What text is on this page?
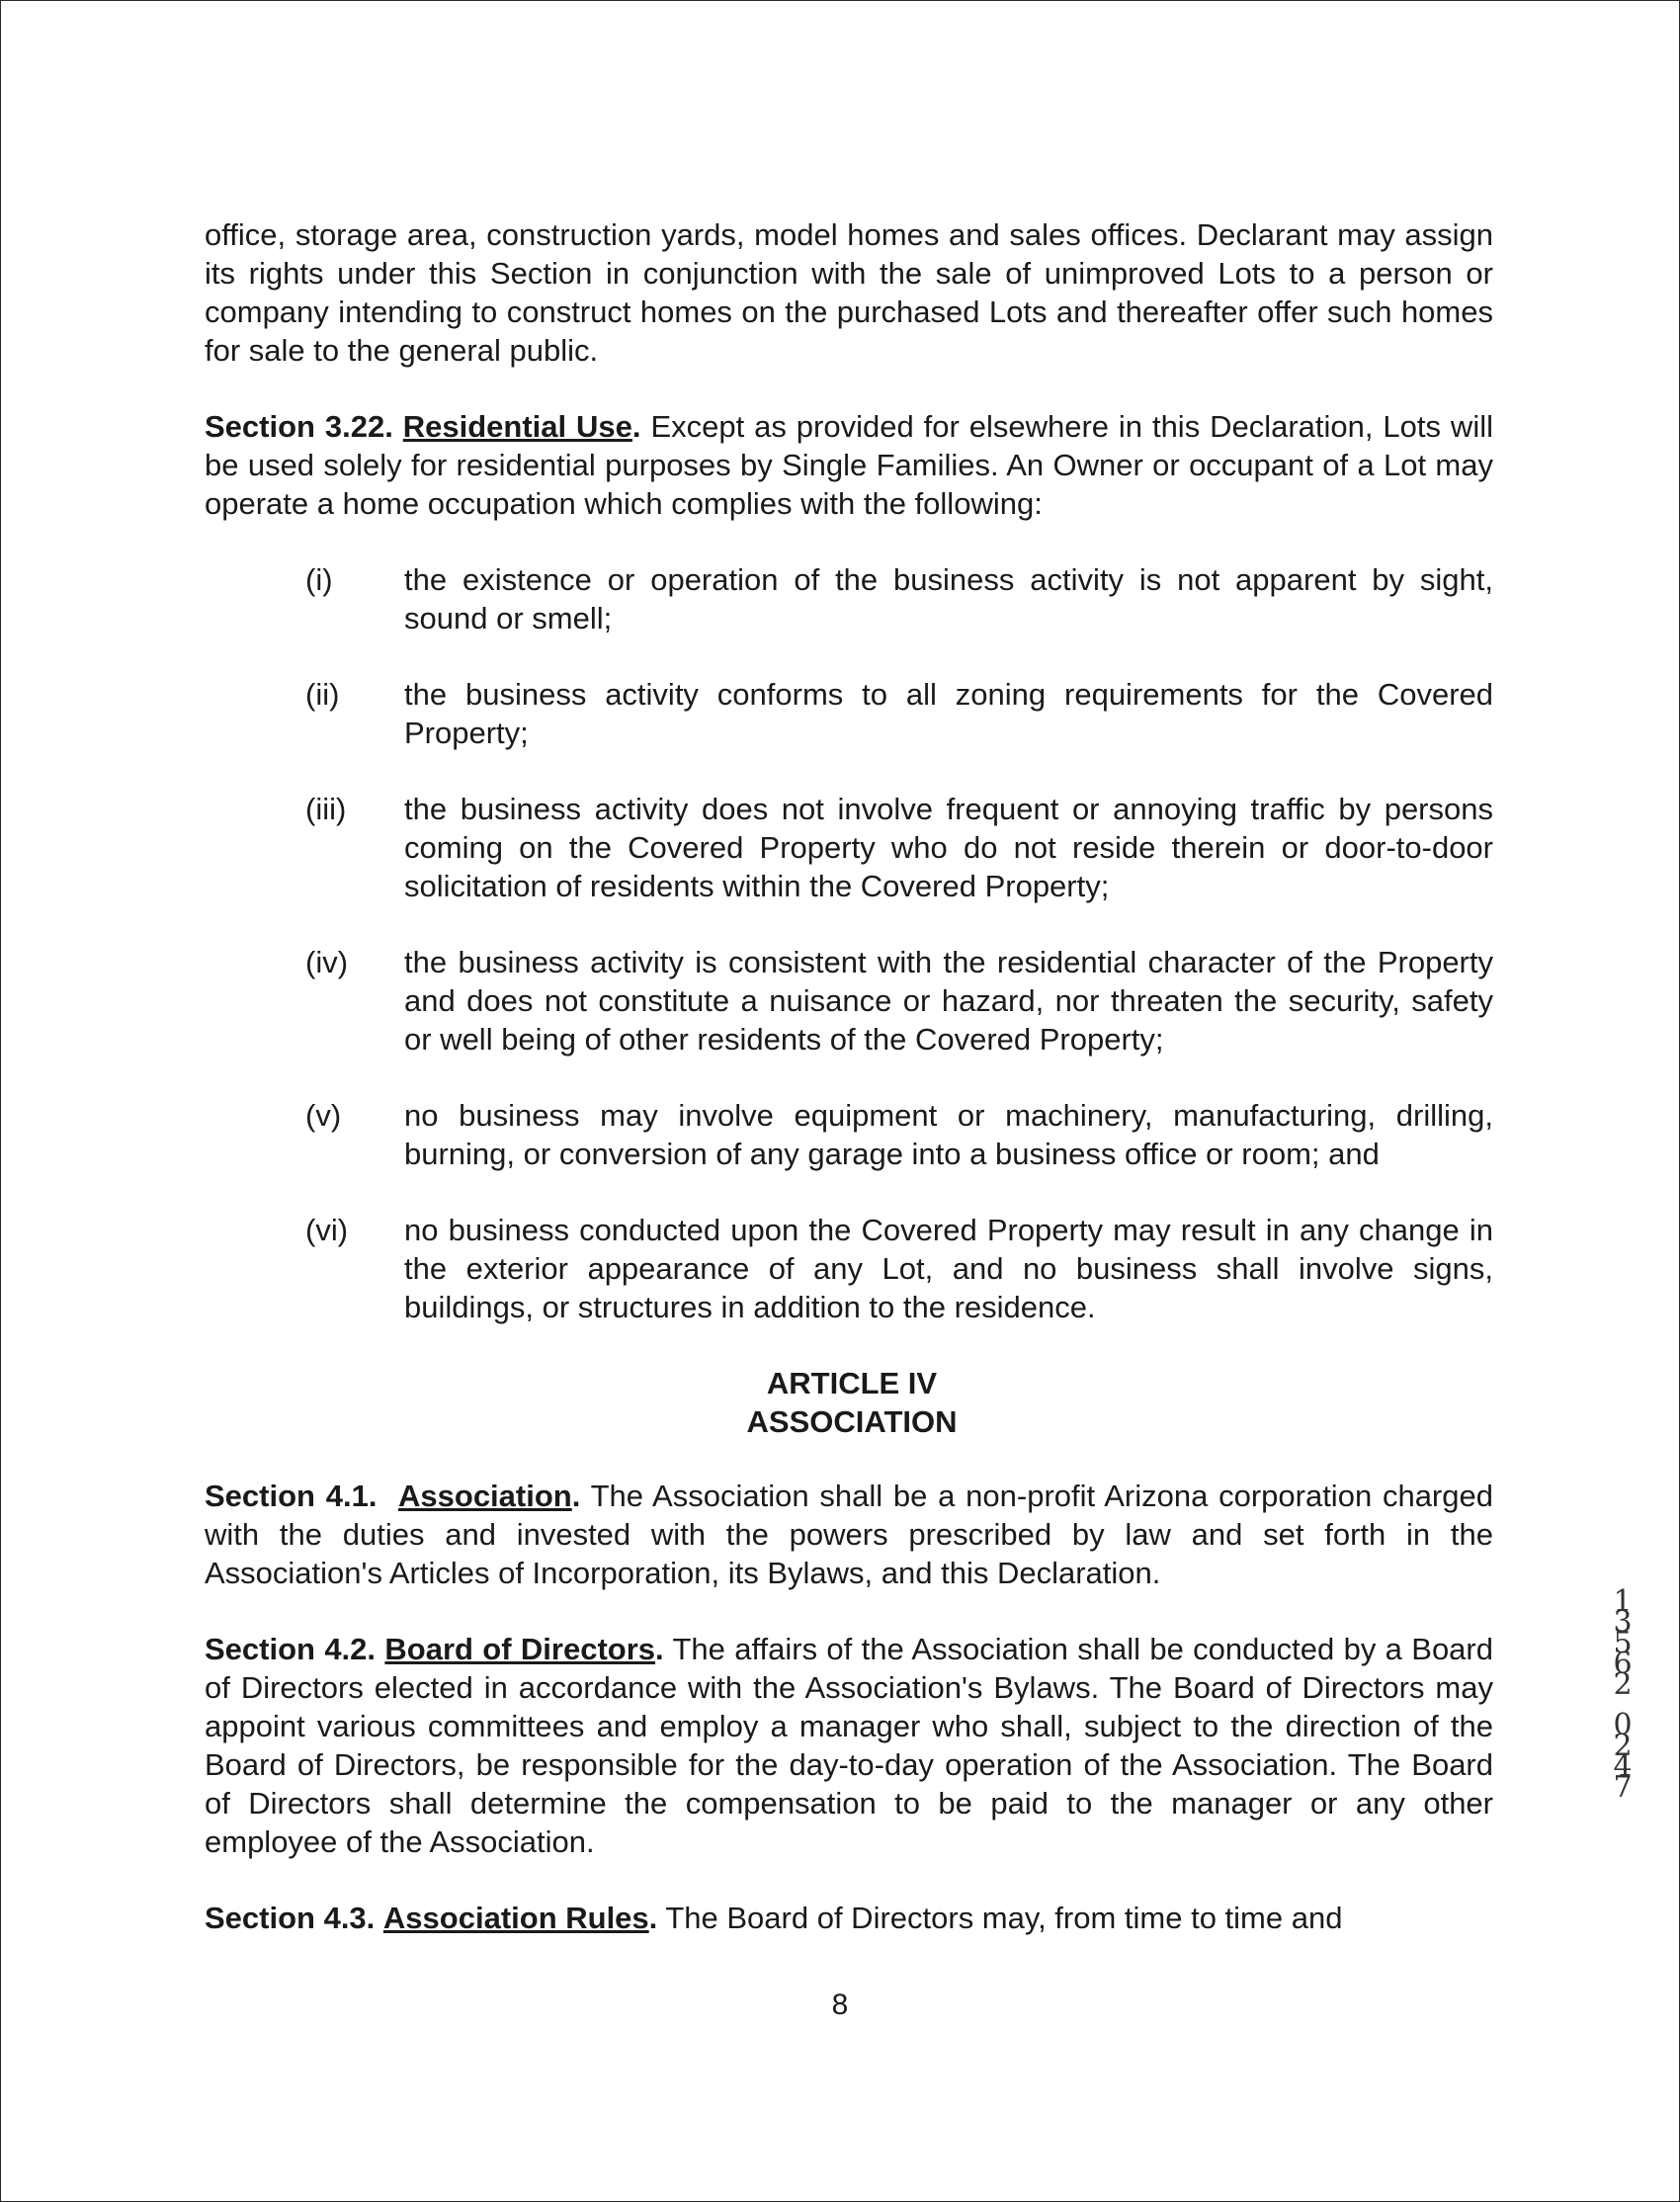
office, storage area, construction yards, model homes and sales offices. Declarant may assign its rights under this Section in conjunction with the sale of unimproved Lots to a person or company intending to construct homes on the purchased Lots and thereafter offer such homes for sale to the general public.

Section 3.22. Residential Use. Except as provided for elsewhere in this Declaration, Lots will be used solely for residential purposes by Single Families. An Owner or occupant of a Lot may operate a home occupation which complies with the following:

(i)	the existence or operation of the business activity is not apparent by sight, sound or smell;
(ii)	the business activity conforms to all zoning requirements for the Covered Property;
(iii)	the business activity does not involve frequent or annoying traffic by persons coming on the Covered Property who do not reside therein or door-to-door solicitation of residents within the Covered Property;
(iv)	the business activity is consistent with the residential character of the Property and does not constitute a nuisance or hazard, nor threaten the security, safety or well being of other residents of the Covered Property;
(v)	no business may involve equipment or machinery, manufacturing, drilling, burning, or conversion of any garage into a business office or room; and
(vi)	no business conducted upon the Covered Property may result in any change in the exterior appearance of any Lot, and no business shall involve signs, buildings, or structures in addition to the residence.
ARTICLE IV
ASSOCIATION

Section 4.1. Association. The Association shall be a non-profit Arizona corporation charged with the duties and invested with the powers prescribed by law and set forth in the Association's Articles of Incorporation, its Bylaws, and this Declaration.

Section 4.2. Board of Directors. The affairs of the Association shall be conducted by a Board of Directors elected in accordance with the Association's Bylaws. The Board of Directors may appoint various committees and employ a manager who shall, subject to the direction of the Board of Directors, be responsible for the day-to-day operation of the Association. The Board of Directors shall determine the compensation to be paid to the manager or any other employee of the Association.

Section 4.3. Association Rules. The Board of Directors may, from time to time and

8
13562
0247
